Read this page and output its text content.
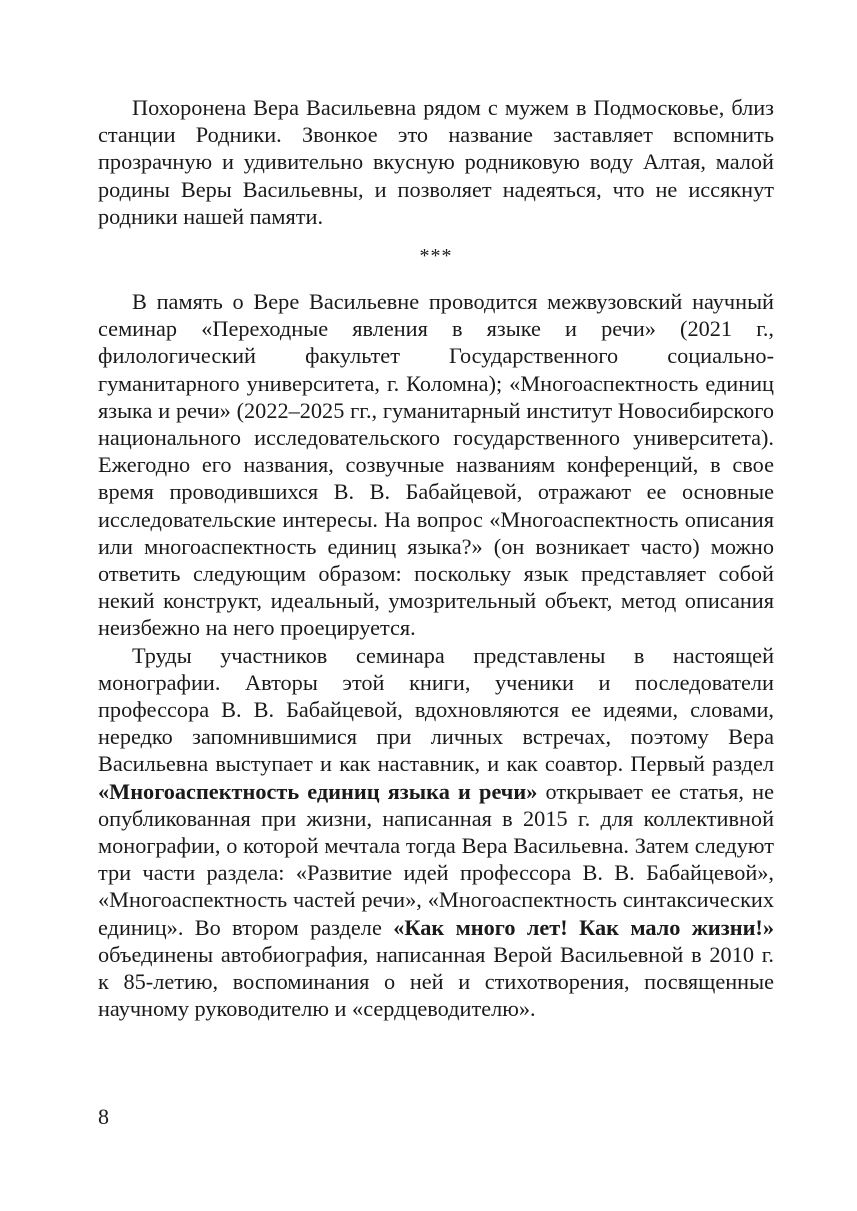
Похоронена Вера Васильевна рядом с мужем в Подмосковье, близ станции Родники. Звонкое это название заставляет вспомнить прозрачную и удивительно вкусную родниковую воду Алтая, малой родины Веры Васильевны, и позволяет надеяться, что не иссякнут родники нашей памяти.

***

В память о Вере Васильевне проводится межвузовский научный семинар «Переходные явления в языке и речи» (2021 г., филологический факультет Государственного социально-гуманитарного университета, г. Коломна); «Многоаспектность единиц языка и речи» (2022–2025 гг., гуманитарный институт Новосибирского национального исследовательского государственного университета). Ежегодно его названия, созвучные названиям конференций, в свое время проводившихся В. В. Бабайцевой, отражают ее основные исследовательские интересы. На вопрос «Многоаспектность описания или многоаспектность единиц языка?» (он возникает часто) можно ответить следующим образом: поскольку язык представляет собой некий конструкт, идеальный, умозрительный объект, метод описания неизбежно на него проецируется.

Труды участников семинара представлены в настоящей монографии. Авторы этой книги, ученики и последователи профессора В. В. Бабайцевой, вдохновляются ее идеями, словами, нередко запомнившимися при личных встречах, поэтому Вера Васильевна выступает и как наставник, и как соавтор. Первый раздел «Многоаспектность единиц языка и речи» открывает ее статья, не опубликованная при жизни, написанная в 2015 г. для коллективной монографии, о которой мечтала тогда Вера Васильевна. Затем следуют три части раздела: «Развитие идей профессора В. В. Бабайцевой», «Многоаспектность частей речи», «Многоаспектность синтаксических единиц». Во втором разделе «Как много лет! Как мало жизни!» объединены автобиография, написанная Верой Васильевной в 2010 г. к 85-летию, воспоминания о ней и стихотворения, посвященные научному руководителю и «сердцеводителю».

8
